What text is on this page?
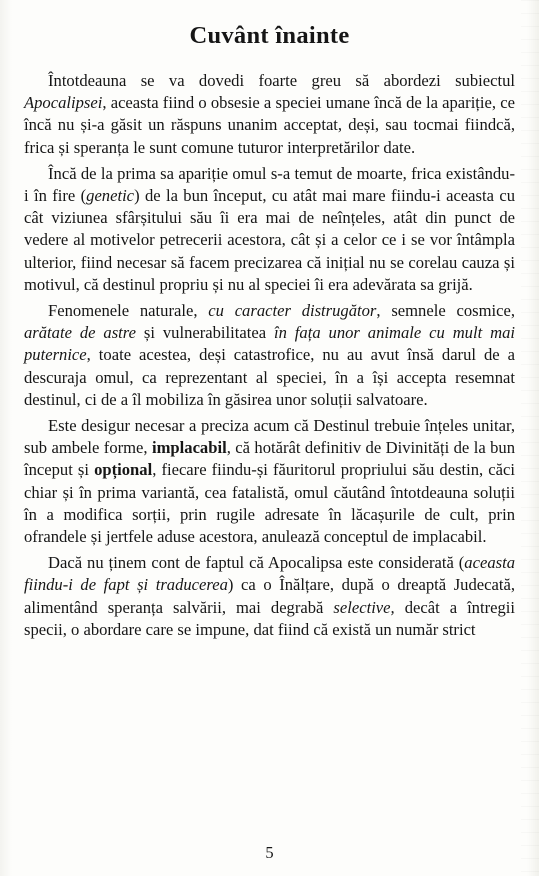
Cuvânt înainte

Întotdeauna se va dovedi foarte greu să abordezi subiectul Apocalipsei, aceasta fiind o obsesie a speciei umane încă de la apariție, ce încă nu și-a găsit un răspuns unanim acceptat, deși, sau tocmai fiindcă, frica și speranța le sunt comune tuturor interpretărilor date.

Încă de la prima sa apariție omul s-a temut de moarte, frica existându-i în fire (genetic) de la bun început, cu atât mai mare fiindu-i aceasta cu cât viziunea sfârșitului său îi era mai de neînțeles, atât din punct de vedere al motivelor petrecerii acestora, cât și a celor ce i se vor întâmpla ulterior, fiind necesar să facem precizarea că inițial nu se corelau cauza și motivul, că destinul propriu și nu al speciei îi era adevărata sa grijă.

Fenomenele naturale, cu caracter distrugător, semnele cosmice, arătate de astre și vulnerabilitatea în fața unor animale cu mult mai puternice, toate acestea, deși catastrofice, nu au avut însă darul de a descuraja omul, ca reprezentant al speciei, în a își accepta resemnat destinul, ci de a îl mobiliza în găsirea unor soluții salvatoare.

Este desigur necesar a preciza acum că Destinul trebuie înțeles unitar, sub ambele forme, implacabil, că hotărât definitiv de Divinități de la bun început și opțional, fiecare fiindu-și făuritorul propriului său destin, căci chiar și în prima variantă, cea fatalistă, omul căutând întotdeauna soluții în a modifica sorții, prin rugile adresate în lăcașurile de cult, prin ofrandele și jertfele aduse acestora, anulează conceptul de implacabil.

Dacă nu ținem cont de faptul că Apocalipsa este considerată (aceasta fiindu-i de fapt și traducerea) ca o Înălțare, după o dreaptă Judecată, alimentând speranța salvării, mai degrabă selective, decât a întregii specii, o abordare care se impune, dat fiind că există un număr strict

5
